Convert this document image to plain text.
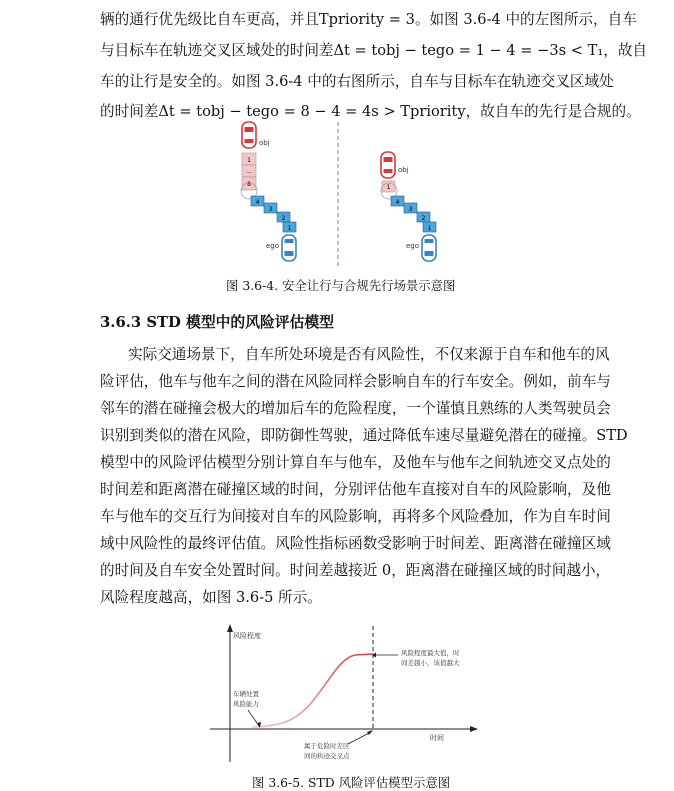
辆的通行优先级比自车更高，并且T​priority = 3。如图 3.6-4 中的左图所示，自车
与目标车在轨迹交叉区域处的时间差Δt = t​obj − t​ego = 1 − 4 = −3s < T₁，故自
车的让行是安全的。如图 3.6-4 中的右图所示，自车与目标车在轨迹交叉区域处
的时间差Δt = t​obj − t​ego = 8 − 4 = 4s > T​priority，故自车的先行是合规的。
obj
1
...
8
4
3
2
1
ego
obj
1
4
3
2
1
ego
图 3.6-4. 安全让行与合规先行场景示意图
3.6.3 STD 模型中的风险评估模型
实际交通场景下，自车所处环境是否有风险性，不仅来源于自车和他车的风
险评估，他车与他车之间的潜在风险同样会影响自车的行车安全。例如，前车与
邻车的潜在碰撞会极大的增加后车的危险程度，一个谨慎且熟练的人类驾驶员会
识别到类似的潜在风险，即防御性驾驶，通过降低车速尽量避免潜在的碰撞。STD
模型中的风险评估模型分别计算自车与他车，及他车与他车之间轨迹交叉点处的
时间差和距离潜在碰撞区域的时间，分别评估他车直接对自车的风险影响，及他
车与他车的交互行为间接对自车的风险影响，再将多个风险叠加，作为自车时间
域中风险性的最终评估值。风险性指标函数受影响于时间差、距离潜在碰撞区域
的时间及自车安全处置时间。时间差越接近 0，距离潜在碰撞区域的时间越小，
风险程度越高，如图 3.6-5 所示。
风险程度
时间
风险程度最大值，时
间差越小，该值越大
车辆处置
风险能力
属于危险时差区
间的轨迹交叉点
图 3.6-5. STD 风险评估模型示意图
